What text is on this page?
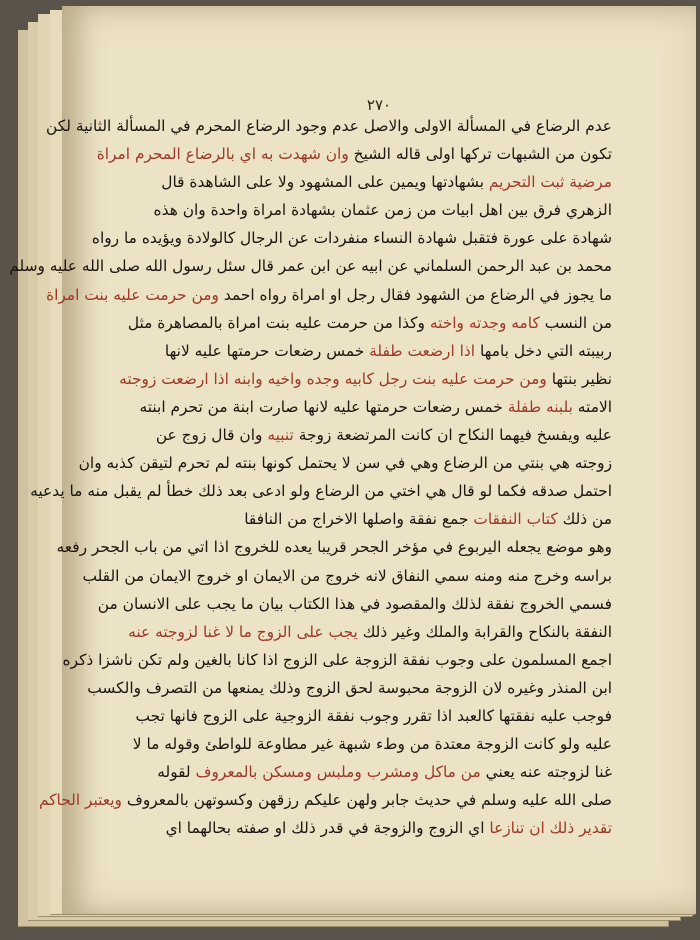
٢٧٠
عدم الرضاع في المسألة الاولى والاصل عدم وجود الرضاع المحرم في المسألة الثانية لكن
تكون من الشبهات تركها اولى قاله الشيخ وان شهدت به اي بالرضاع المحرم امراة
مرضية ثبت التحريم بشهادتها ويمين على المشهود ولا على الشاهدة قال
الزهري فرق بين اهل ابيات من زمن عثمان بشهادة امراة واحدة وان هذه
شهادة على عورة فتقبل شهادة النساء منفردات عن الرجال كالولادة ويؤيده ما رواه
محمد بن عبد الرحمن السلماني عن ابيه عن ابن عمر قال سئل رسول الله صلى الله عليه وسلم
ما يجوز في الرضاع من الشهود فقال رجل او امراة رواه احمد ومن حرمت عليه بنت امراة
من النسب كامه وجدته واخته وكذا من حرمت عليه بنت امراة بالمصاهرة مثل
ربيبته التي دخل بامها اذا ارضعت طفلة خمس رضعات حرمتها عليه لانها
نظير بنتها ومن حرمت عليه بنت رجل كابيه وجده واخيه وابنه اذا ارضعت زوجته
الامته بلبنه طفلة خمس رضعات حرمتها عليه لانها صارت ابنة من تحرم ابنته
عليه ويفسخ فيهما النكاح ان كانت المرتضعة زوجة تنبيه وان قال زوج عن
زوجته هي بنتي من الرضاع وهي في سن لا يحتمل كونها بنته لم تحرم لتيقن كذبه وان
احتمل صدقه فكما لو قال هي اختي من الرضاع ولو ادعى بعد ذلك خطأ لم يقبل منه ما يدعيه
من ذلك كتاب النفقات جمع نفقة واصلها الاخراج من النافقا
وهو موضع يجعله اليربوع في مؤخر الجحر قريبا يعده للخروج اذا اتي من باب الجحر رفعه
براسه وخرج منه ومنه سمي النفاق لانه خروج من الايمان او خروج الايمان من القلب
فسمي الخروج نفقة لذلك والمقصود في هذا الكتاب بيان ما يجب على الانسان من
النفقة بالنكاح والقرابة والملك وغير ذلك يجب على الزوج ما لا غنا لزوجته عنه
اجمع المسلمون على وجوب نفقة الزوجة على الزوج اذا كانا بالغين ولم تكن ناشزا ذكره
ابن المنذر وغيره لان الزوجة محبوسة لحق الزوج وذلك يمنعها من التصرف والكسب
فوجب عليه نفقتها كالعبد اذا تقرر وجوب نفقة الزوجية على الزوج فانها تجب
عليه ولو كانت الزوجة معتدة من وطء شبهة غير مطاوعة للواطئ وقوله ما لا
غنا لزوجته عنه يعني من ماكل ومشرب وملبس ومسكن بالمعروف لقوله
صلى الله عليه وسلم في حديث جابر ولهن عليكم رزقهن وكسوتهن بالمعروف ويعتبر الحاكم
تقدير ذلك ان تنازعا اي الزوج والزوجة في قدر ذلك او صفته بحالهما اي
